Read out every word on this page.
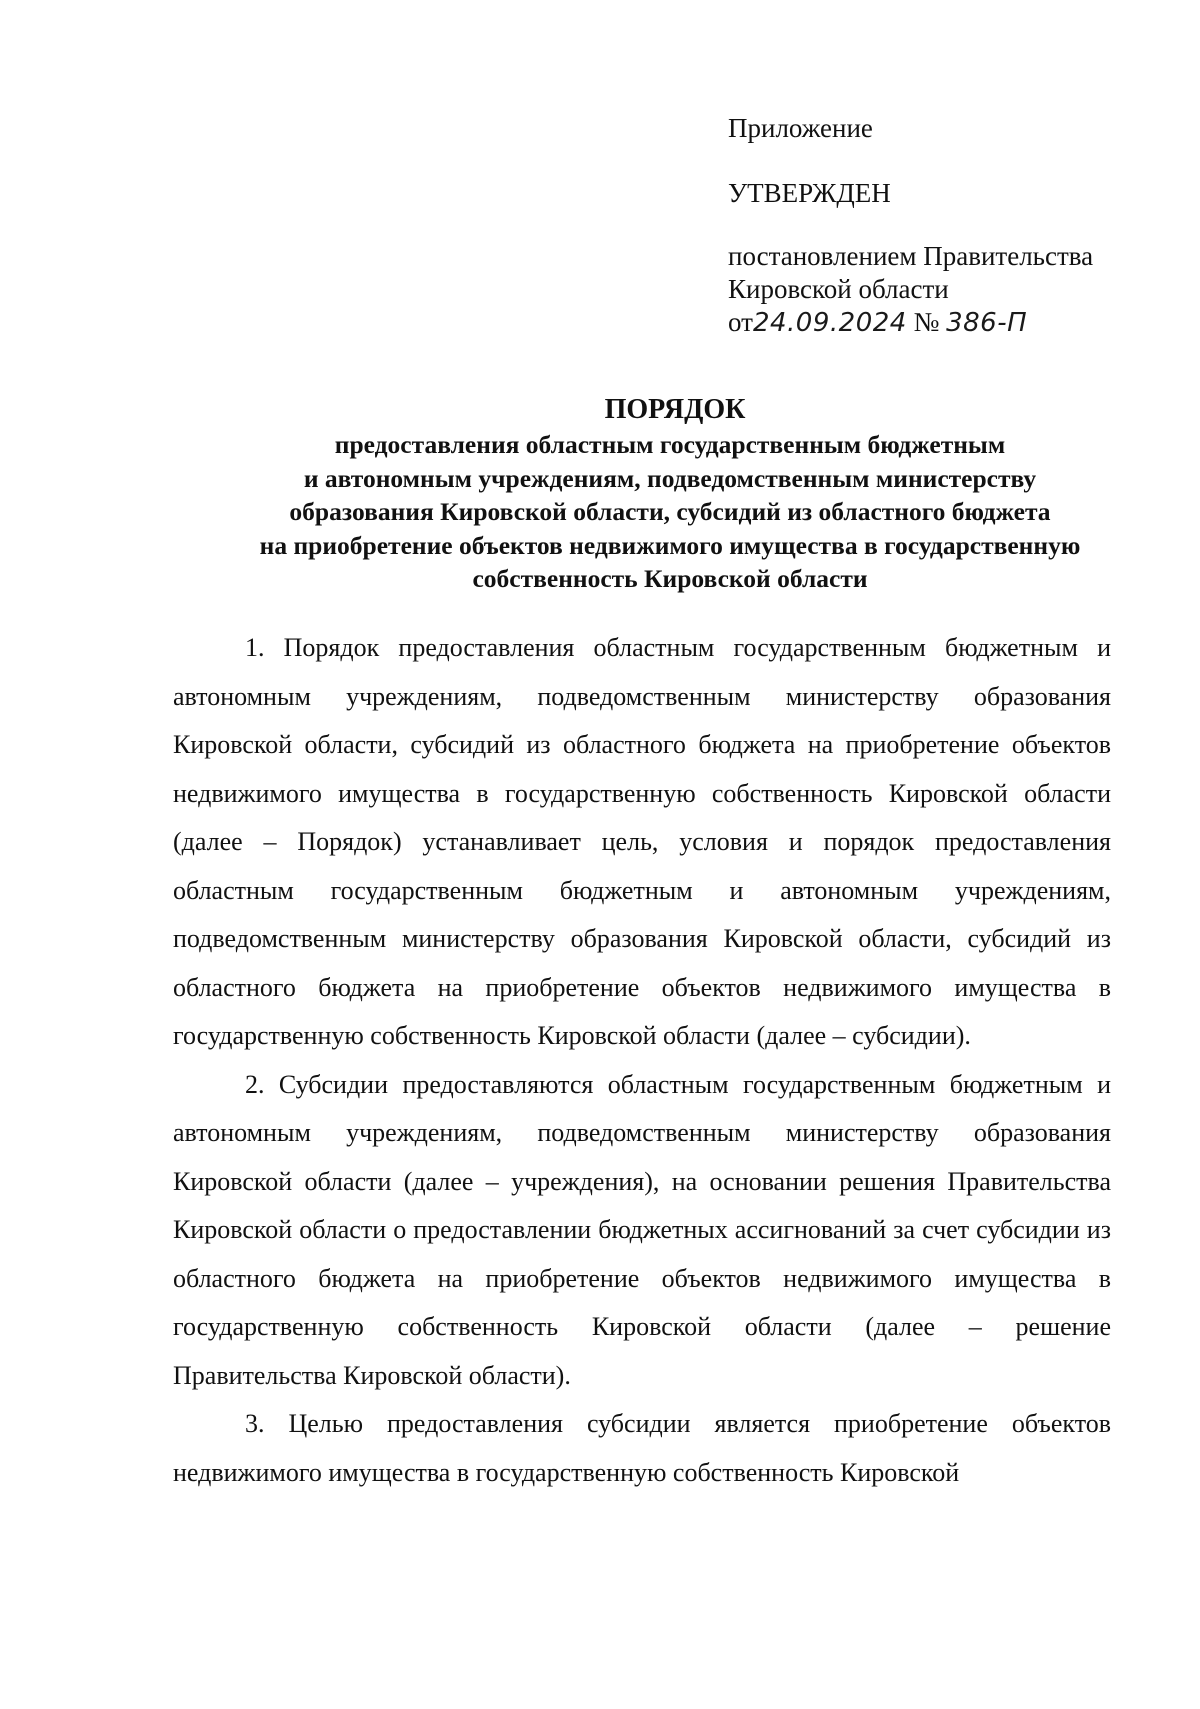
Приложение
УТВЕРЖДЕН
постановлением Правительства
Кировской области
от24.09.2024 № 386-П
ПОРЯДОК
предоставления областным государственным бюджетным
и автономным учреждениям, подведомственным министерству
образования Кировской области, субсидий из областного бюджета
на приобретение объектов недвижимого имущества в государственную
собственность Кировской области

1. Порядок предоставления областным государственным бюджетным и автономным учреждениям, подведомственным министерству образования Кировской области, субсидий из областного бюджета на приобретение объектов недвижимого имущества в государственную собственность Кировской области (далее – Порядок) устанавливает цель, условия и порядок предоставления областным государственным бюджетным и автономным учреждениям, подведомственным министерству образования Кировской области, субсидий из областного бюджета на приобретение объектов недвижимого имущества в государственную собственность Кировской области (далее – субсидии).

2. Субсидии предоставляются областным государственным бюджетным и автономным учреждениям, подведомственным министерству образования Кировской области (далее – учреждения), на основании решения Правительства Кировской области о предоставлении бюджетных ассигнований за счет субсидии из областного бюджета на приобретение объектов недвижимого имущества в государственную собственность Кировской области (далее – решение Правительства Кировской области).

3. Целью предоставления субсидии является приобретение объектов недвижимого имущества в государственную собственность Кировской
